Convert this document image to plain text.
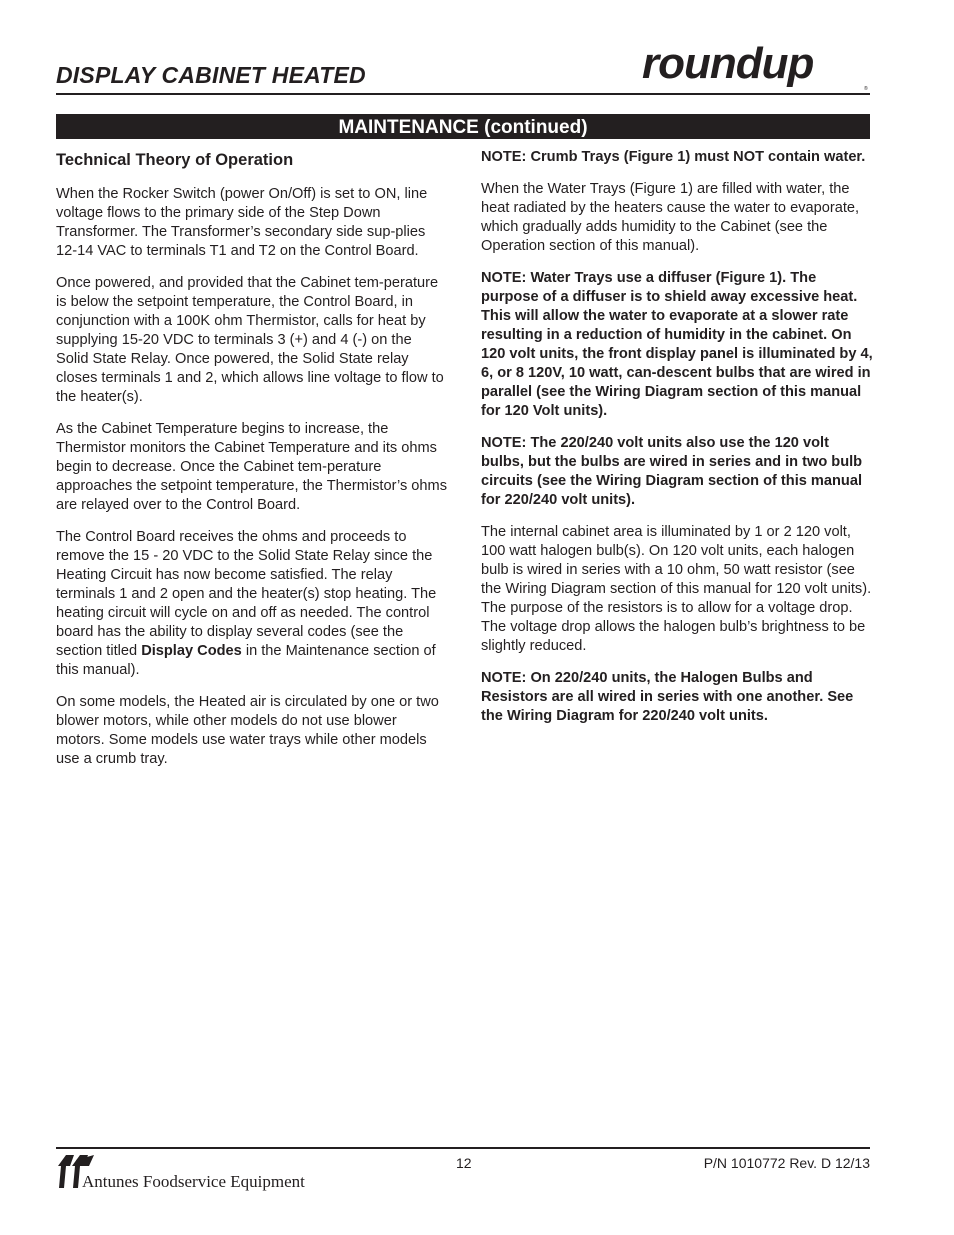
DISPLAY CABINET HEATED	roundup
®
MAINTENANCE (continued)
Technical Theory of Operation

When the Rocker Switch (power On/Off) is set to ON, line voltage flows to the primary side of the Step Down Transformer. The Transformer’s secondary side sup-plies 12-14 VAC to terminals T1 and T2 on the Control Board.

Once powered, and provided that the Cabinet tem-perature is below the setpoint temperature, the Control Board, in conjunction with a 100K ohm Thermistor, calls for heat by supplying 15-20 VDC to terminals 3 (+) and 4 (-) on the Solid State Relay. Once powered, the Solid State relay closes terminals 1 and 2, which allows line voltage to flow to the heater(s).

As the Cabinet Temperature begins to increase, the Thermistor monitors the Cabinet Temperature and its ohms begin to decrease. Once the Cabinet tem-perature approaches the setpoint temperature, the Thermistor’s ohms are relayed over to the Control Board.

The Control Board receives the ohms and proceeds to remove the 15 - 20 VDC to the Solid State Relay since the Heating Circuit has now become satisfied. The relay terminals 1 and 2 open and the heater(s) stop heating. The heating circuit will cycle on and off as needed. The control board has the ability to display several codes (see the section titled Display Codes in the Maintenance section of this manual).

On some models, the Heated air is circulated by one or two blower motors, while other models do not use blower motors. Some models use water trays while other models use a crumb tray.

NOTE: Crumb Trays (Figure 1) must NOT contain water.

When the Water Trays (Figure 1) are filled with water, the heat radiated by the heaters cause the water to evaporate, which gradually adds humidity to the Cabinet (see the Operation section of this manual).

NOTE: Water Trays use a diffuser (Figure 1). The purpose of a diffuser is to shield away excessive heat. This will allow the water to evaporate at a slower rate resulting in a reduction of humidity in the cabinet. On 120 volt units, the front display panel is illuminated by 4, 6, or 8 120V, 10 watt, can-descent bulbs that are wired in parallel (see the Wiring Diagram section of this manual for 120 Volt units).

NOTE: The 220/240 volt units also use the 120 volt bulbs, but the bulbs are wired in series and in two bulb circuits (see the Wiring Diagram section of this manual for 220/240 volt units).

The internal cabinet area is illuminated by 1 or 2 120 volt, 100 watt halogen bulb(s). On 120 volt units, each halogen bulb is wired in series with a 10 ohm, 50 watt resistor (see the Wiring Diagram section of this manual for 120 volt units). The purpose of the resistors is to allow for a voltage drop. The voltage drop allows the halogen bulb’s brightness to be slightly reduced.

NOTE: On 220/240 units, the Halogen Bulbs and Resistors are all wired in series with one another. See the Wiring Diagram for 220/240 volt units.

Antunes Foodservice Equipment
12	P/N 1010772 Rev. D 12/13
